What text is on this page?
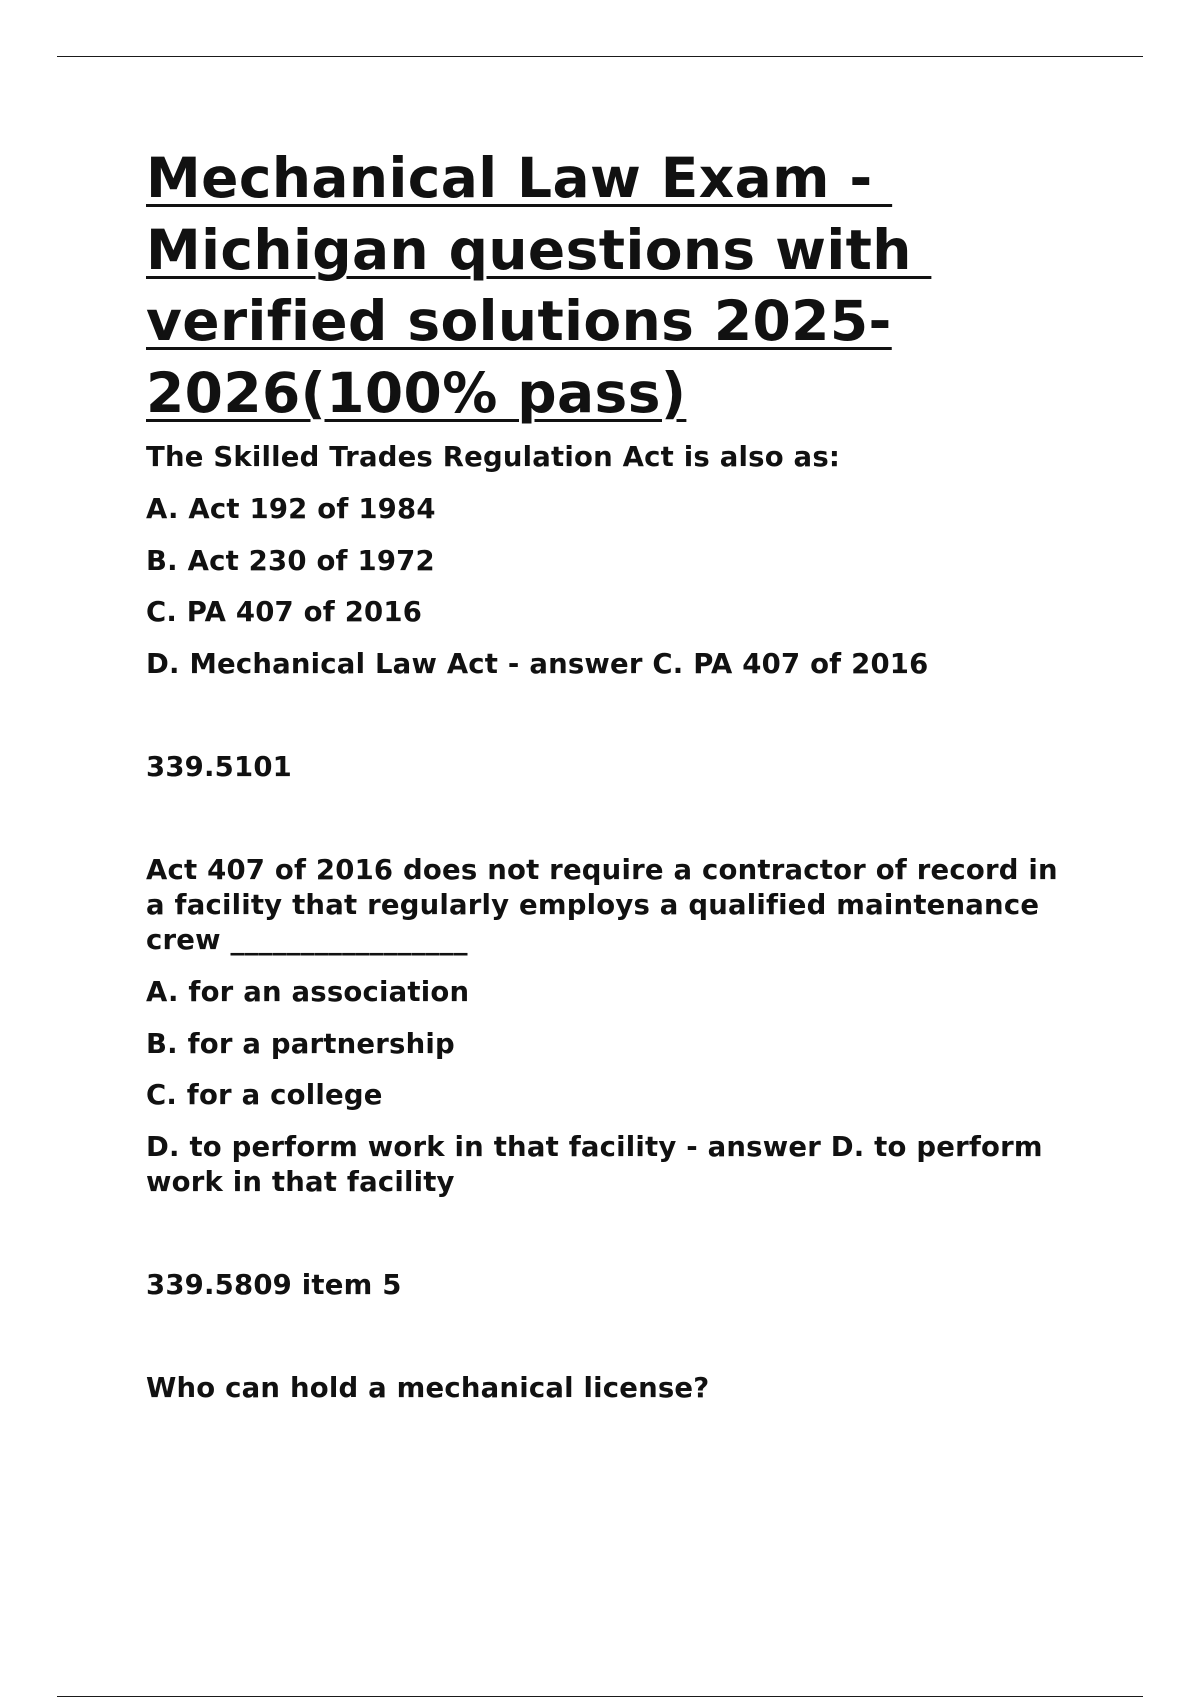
Mechanical Law Exam -
Michigan questions with
verified solutions 2025-
2026(100% pass)

The Skilled Trades Regulation Act is also as:

A. Act 192 of 1984
B. Act 230 of 1972
C. PA 407 of 2016
D. Mechanical Law Act - answer C. PA 407 of 2016

339.5101

Act 407 of 2016 does not require a contractor of record in a facility that regularly employs a qualified maintenance crew _________________

A. for an association
B. for a partnership
C. for a college
D. to perform work in that facility - answer D. to perform work in that facility

339.5809 item 5

Who can hold a mechanical license?
